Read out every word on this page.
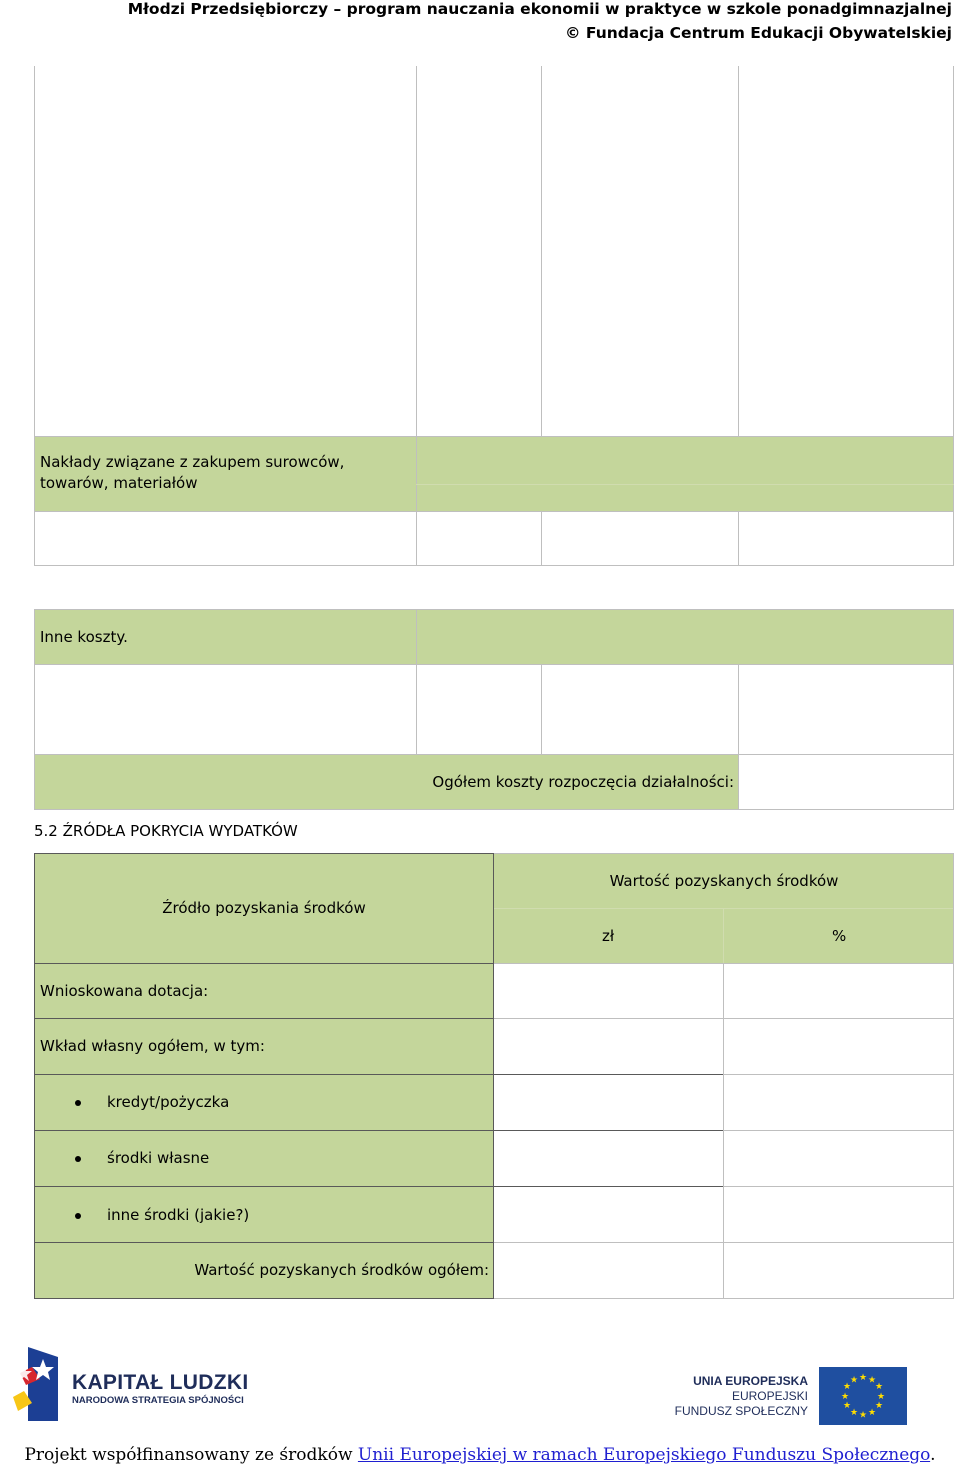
Młodzi Przedsiębiorczy – program nauczania ekonomii w praktyce w szkole ponadgimnazjalnej
© Fundacja Centrum Edukacji Obywatelskiej
Nakłady związane z zakupem surowców, towarów, materiałów
Inne koszty.
Ogółem koszty rozpoczęcia działalności:
5.2 ŹRÓDŁA POKRYCIA WYDATKÓW
Źródło pozyskania środków
Wartość pozyskanych środków
zł	%
Wnioskowana dotacja:
Wkład własny ogółem, w tym:
kredyt/pożyczka
środki własne
inne środki (jakie?)
Wartość pozyskanych środków ogółem:
KAPITAŁ LUDZKI
NARODOWA STRATEGIA SPÓJNOŚCI
UNIA EUROPEJSKA
EUROPEJSKI
FUNDUSZ SPOŁECZNY
★ ★
★
★
★
★
★
★
★
★
★
★
Projekt współfinansowany ze środków Unii Europejskiej w ramach Europejskiego Funduszu Społecznego.
